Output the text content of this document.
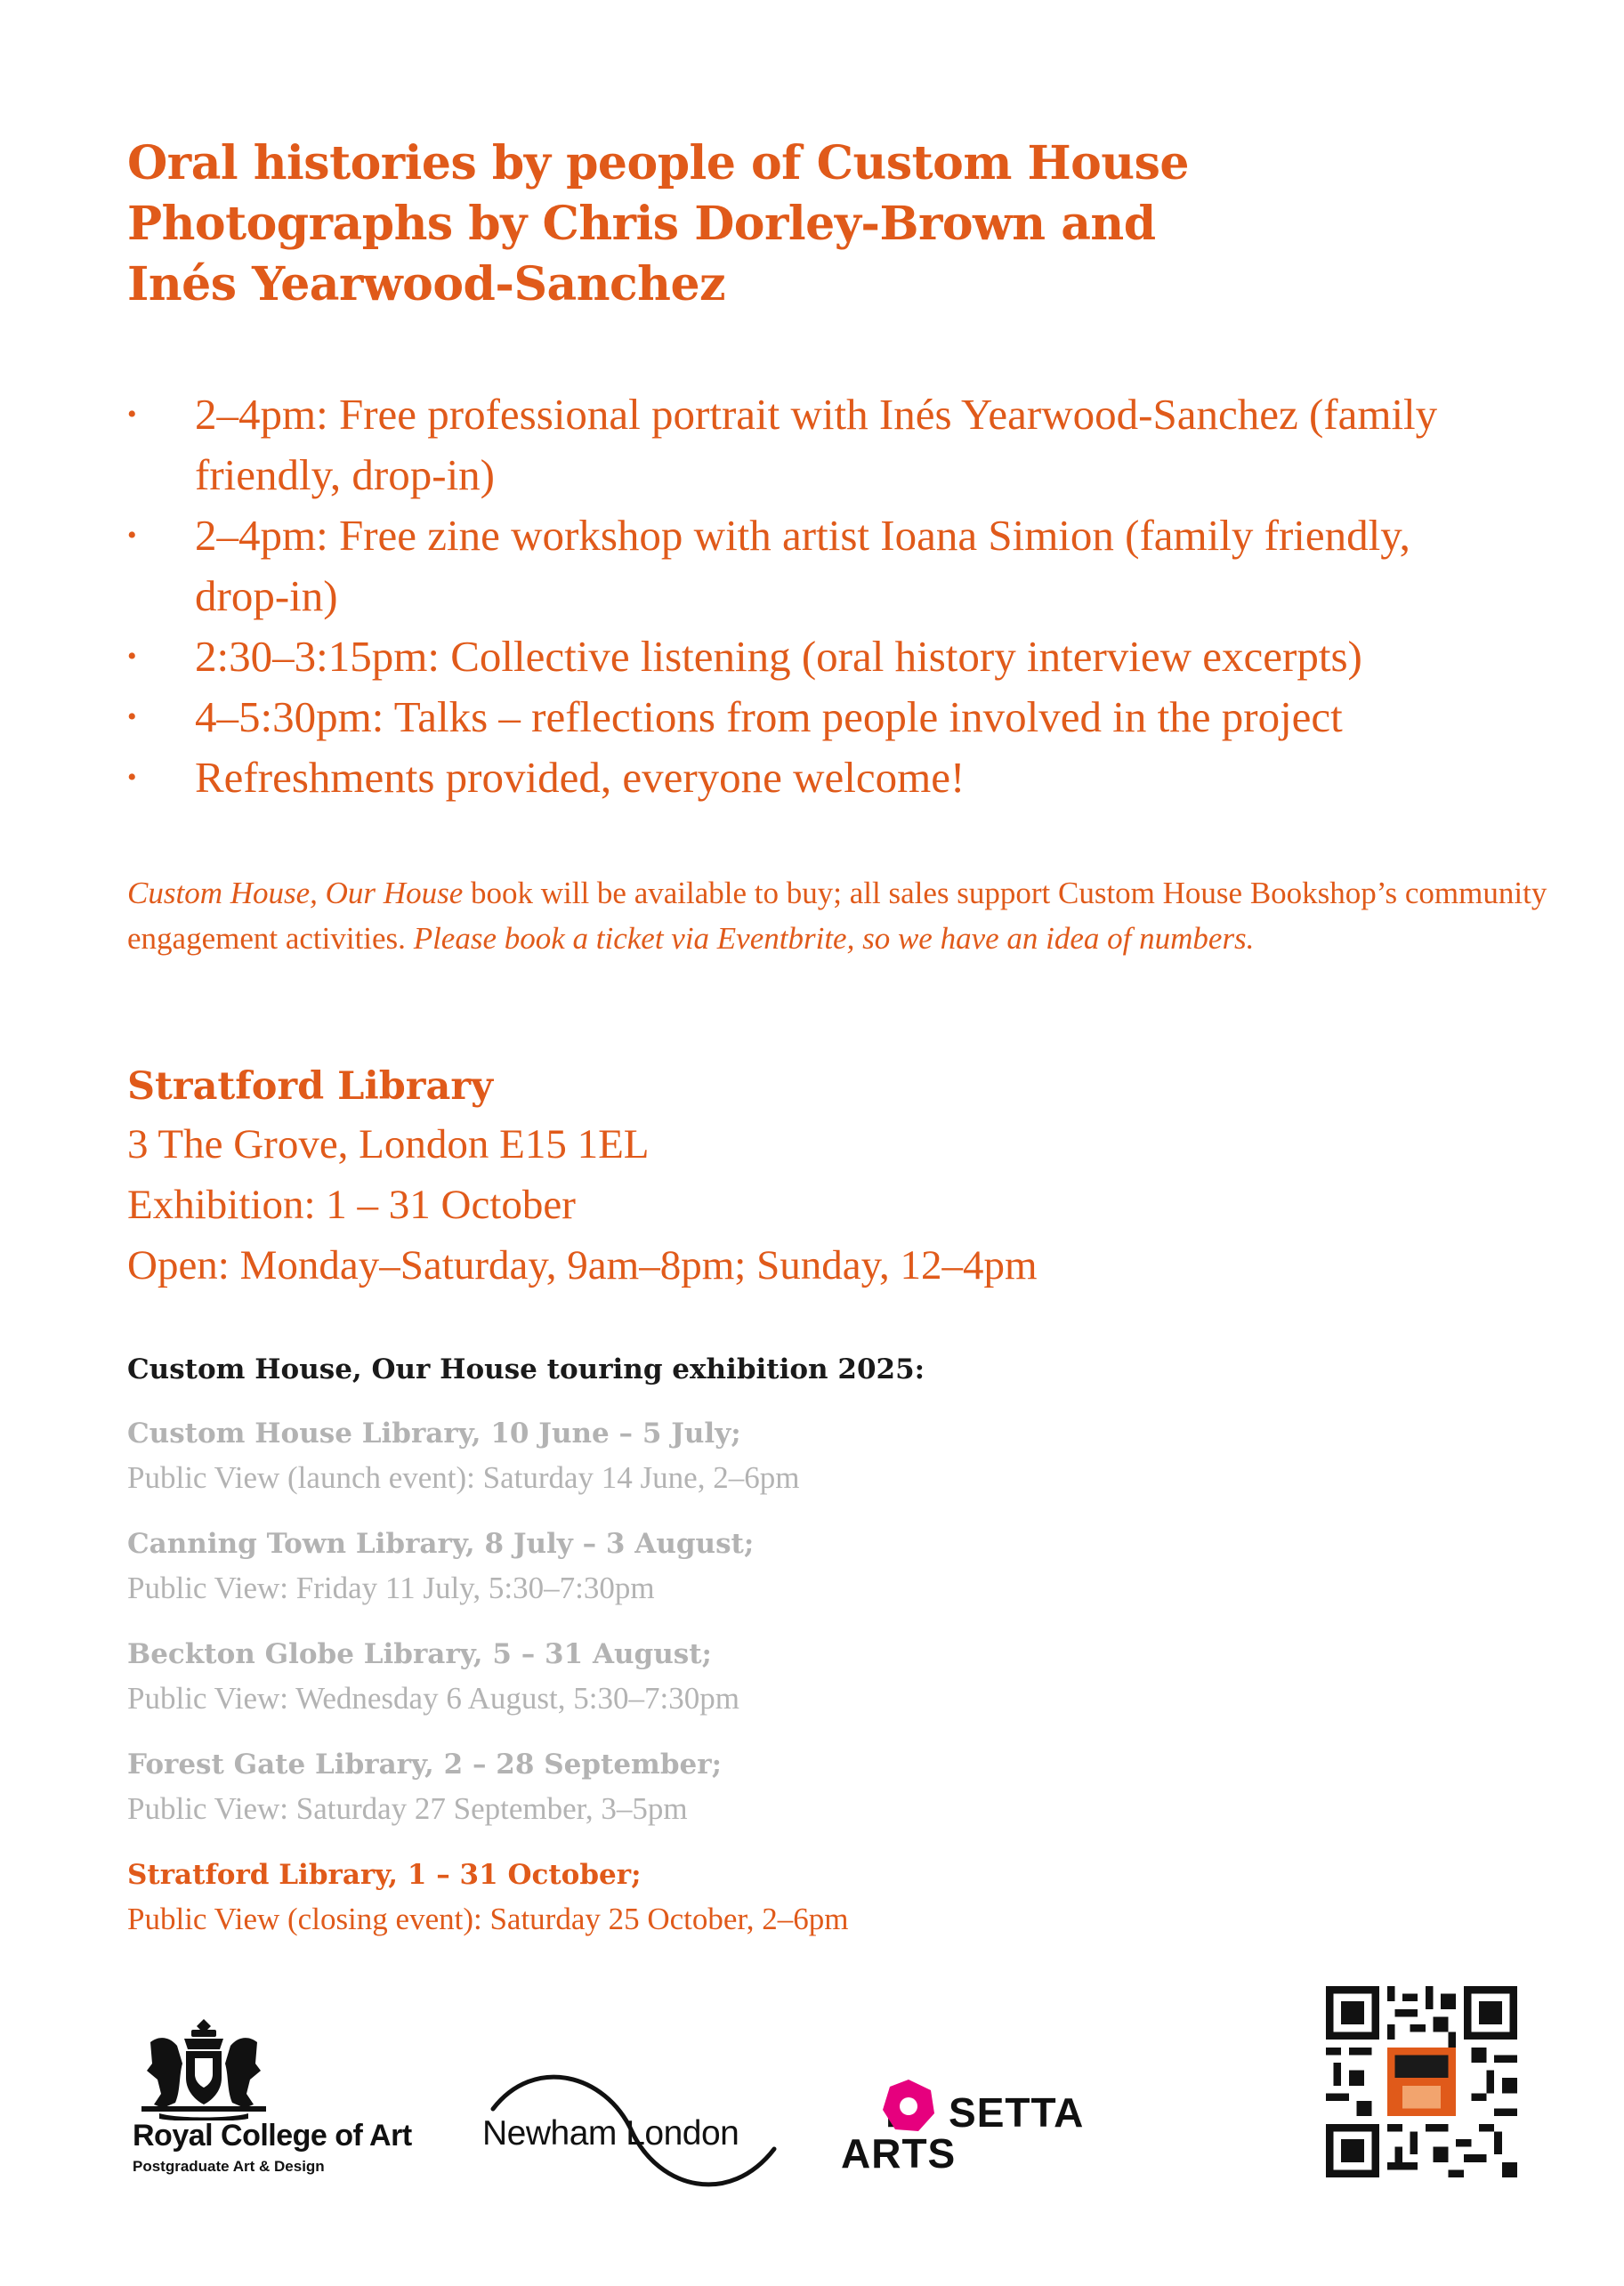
Oral histories by people of Custom House
Photographs by Chris Dorley-Brown and
Inés Yearwood-Sanchez
• 2–4pm: Free professional portrait with Inés Yearwood-Sanchez (family friendly, drop-in)
• 2–4pm: Free zine workshop with artist Ioana Simion (family friendly, drop-in)
• 2:30–3:15pm: Collective listening (oral history interview excerpts)
• 4–5:30pm: Talks – reflections from people involved in the project
• Refreshments provided, everyone welcome!
Custom House, Our House book will be available to buy; all sales support Custom House Bookshop’s community engagement activities. Please book a ticket via Eventbrite, so we have an idea of numbers.
Stratford Library
3 The Grove, London E15 1EL
Exhibition: 1 – 31 October
Open: Monday–Saturday, 9am–8pm; Sunday, 12–4pm
Custom House, Our House touring exhibition 2025:
Custom House Library, 10 June – 5 July;
Public View (launch event): Saturday 14 June, 2–6pm
Canning Town Library, 8 July – 3 August;
Public View: Friday 11 July, 5:30–7:30pm
Beckton Globe Library, 5 – 31 August;
Public View: Wednesday 6 August, 5:30–7:30pm
Forest Gate Library, 2 – 28 September;
Public View: Saturday 27 September, 3–5pm
Stratford Library, 1 – 31 October;
Public View (closing event): Saturday 25 October, 2–6pm
Royal College of Art
Postgraduate Art & Design
Newham London	SETTA
ARTS
